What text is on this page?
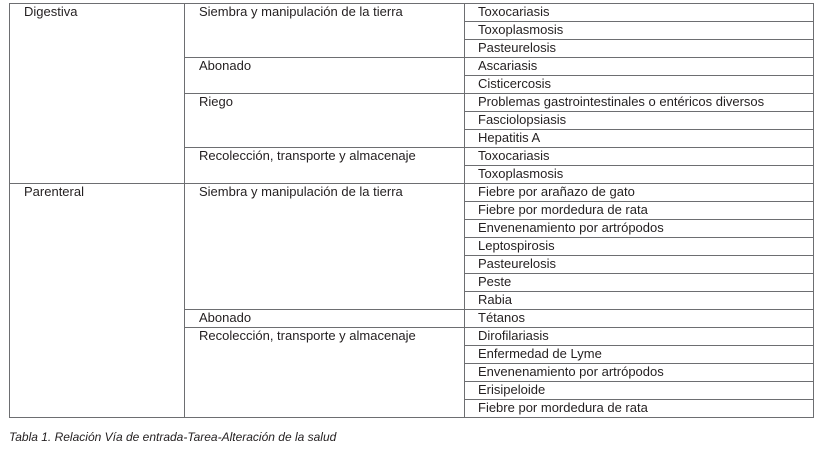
Digestiva	Siembra y manipulación de la tierra	Toxocariasis
Toxoplasmosis
Pasteurelosis
Abonado	Ascariasis
Cisticercosis
Riego	Problemas gastrointestinales o entéricos diversos
Fasciolopsiasis
Hepatitis A
Recolección, transporte y almacenaje	Toxocariasis
Toxoplasmosis
Parenteral	Siembra y manipulación de la tierra	Fiebre por arañazo de gato
Fiebre por mordedura de rata
Envenenamiento por artrópodos
Leptospirosis
Pasteurelosis
Peste
Rabia
Abonado	Tétanos
Recolección, transporte y almacenaje	Dirofilariasis
Enfermedad de Lyme
Envenenamiento por artrópodos
Erisipeloide
Fiebre por mordedura de rata
Tabla 1. Relación Vía de entrada-Tarea-Alteración de la salud
